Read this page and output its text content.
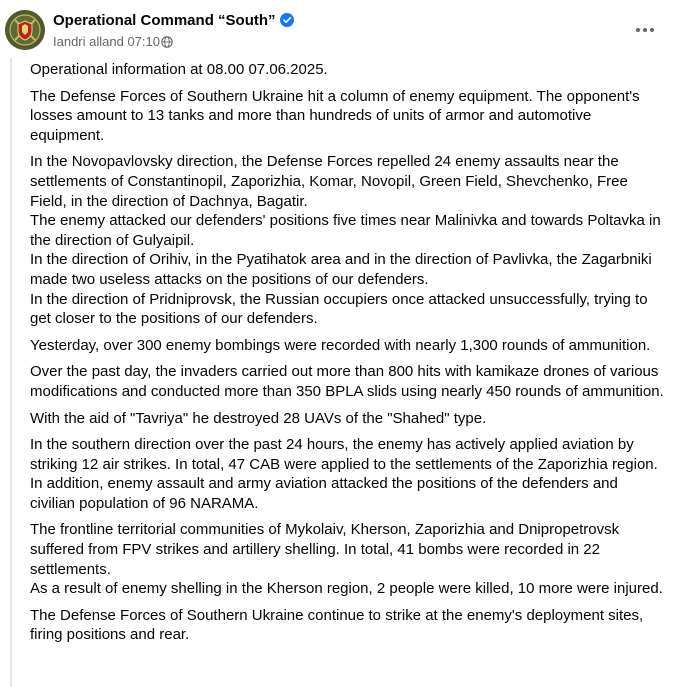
Operational Command “South”
Iandri alland 07:10

Operational information at 08.00 07.06.2025.

The Defense Forces of Southern Ukraine hit a column of enemy equipment. The opponent's losses amount to 13 tanks and more than hundreds of units of armor and automotive equipment.

In the Novopavlovsky direction, the Defense Forces repelled 24 enemy assaults near the settlements of Constantinopil, Zaporizhia, Komar, Novopil, Green Field, Shevchenko, Free Field, in the direction of Dachnya, Bagatir.
The enemy attacked our defenders' positions five times near Malinivka and towards Poltavka in the direction of Gulyaipil.
In the direction of Orihiv, in the Pyatihatok area and in the direction of Pavlivka, the Zagarbniki made two useless attacks on the positions of our defenders.
In the direction of Pridniprovsk, the Russian occupiers once attacked unsuccessfully, trying to get closer to the positions of our defenders.

Yesterday, over 300 enemy bombings were recorded with nearly 1,300 rounds of ammunition.

Over the past day, the invaders carried out more than 800 hits with kamikaze drones of various modifications and conducted more than 350 BPLA slids using nearly 450 rounds of ammunition.

With the aid of "Tavriya" he destroyed 28 UAVs of the "Shahed" type.

In the southern direction over the past 24 hours, the enemy has actively applied aviation by striking 12 air strikes. In total, 47 CAB were applied to the settlements of the Zaporizhia region.
In addition, enemy assault and army aviation attacked the positions of the defenders and civilian population of 96 NARAMA.

The frontline territorial communities of Mykolaiv, Kherson, Zaporizhia and Dnipropetrovsk suffered from FPV strikes and artillery shelling. In total, 41 bombs were recorded in 22 settlements.
As a result of enemy shelling in the Kherson region, 2 people were killed, 10 more were injured.

The Defense Forces of Southern Ukraine continue to strike at the enemy's deployment sites, firing positions and rear.
